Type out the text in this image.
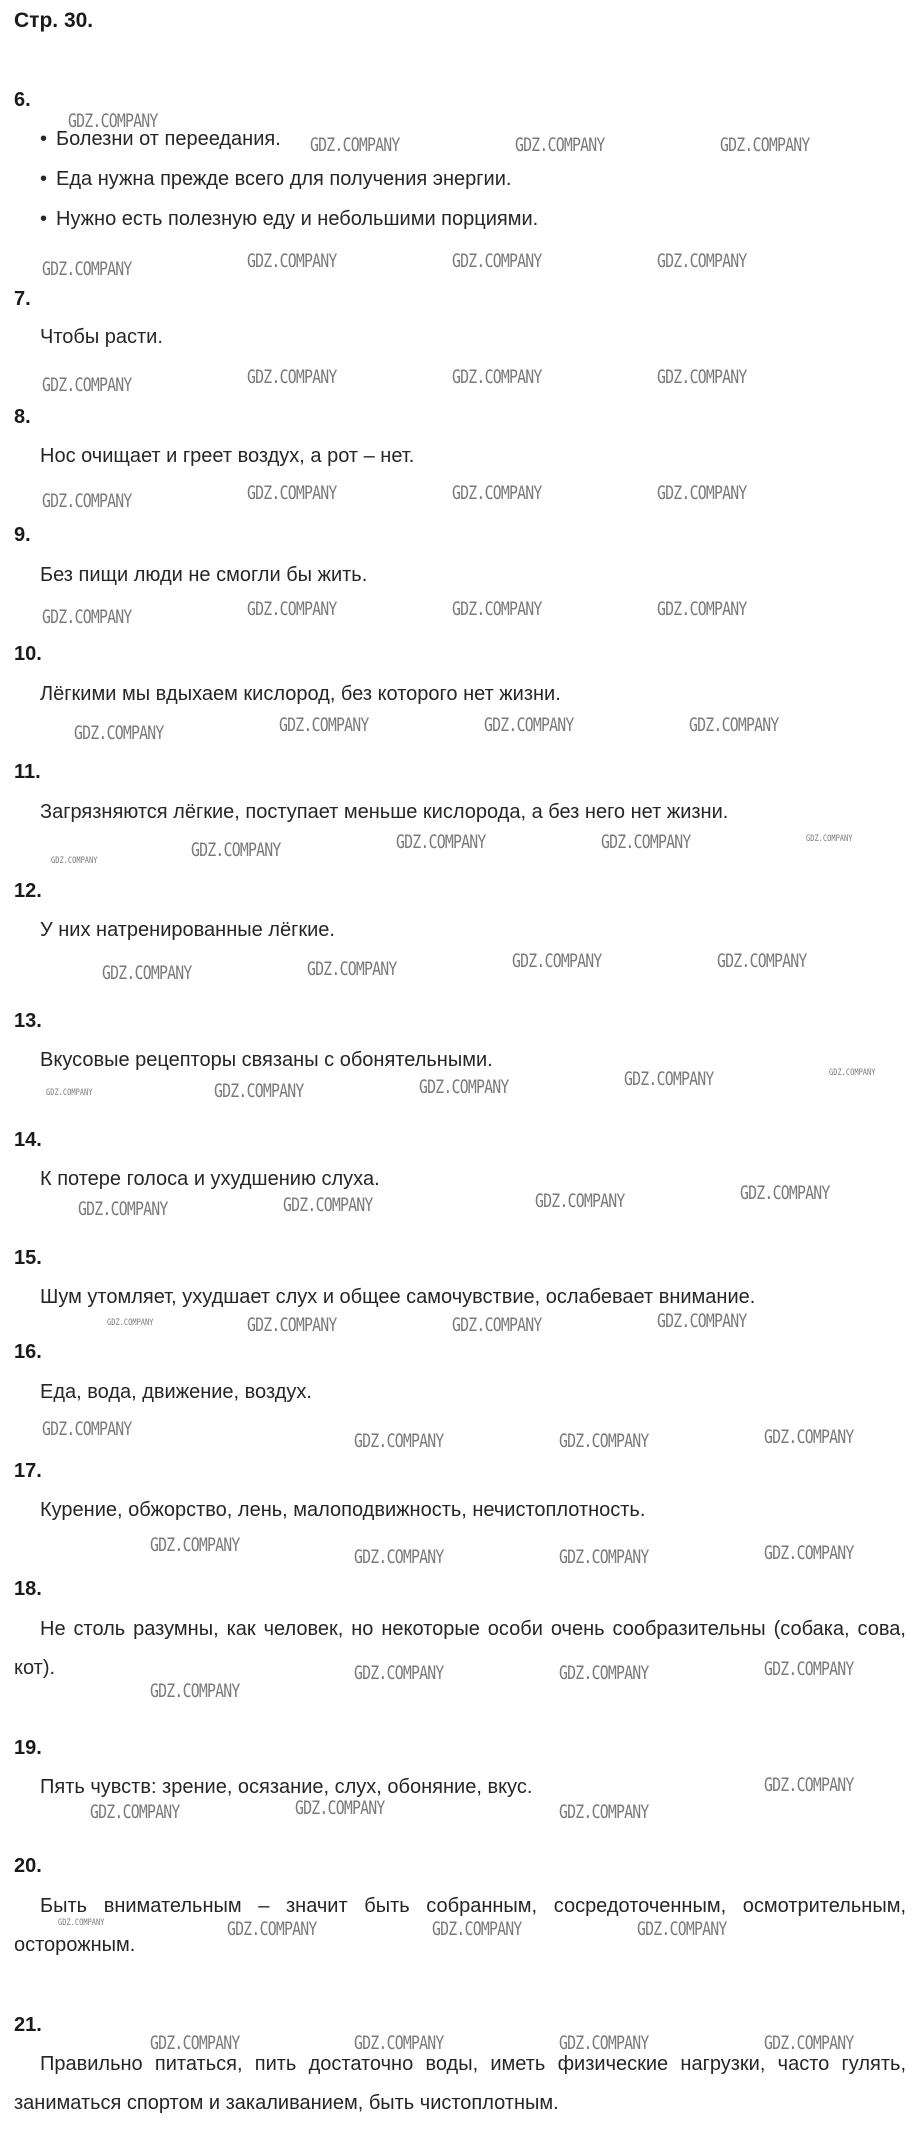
Стр. 30.
6.
• Болезни от переедания.
• Еда нужна прежде всего для получения энергии.
• Нужно есть полезную еду и небольшими порциями.
7.
Чтобы расти.
8.
Нос очищает и греет воздух, а рот – нет.
9.
Без пищи люди не смогли бы жить.
10.
Лёгкими мы вдыхаем кислород, без которого нет жизни.
11.
Загрязняются лёгкие, поступает меньше кислорода, а без него нет жизни.
12.
У них натренированные лёгкие.
13.
Вкусовые рецепторы связаны с обонятельными.
14.
К потере голоса и ухудшению слуха.
15.
Шум утомляет, ухудшает слух и общее самочувствие, ослабевает внимание.
16.
Еда, вода, движение, воздух.
17.
Курение, обжорство, лень, малоподвижность, нечистоплотность.
18.
Не столь разумны, как человек, но некоторые особи очень сообразительны (собака, сова, кот).
19.
Пять чувств: зрение, осязание, слух, обоняние, вкус.
20.
Быть внимательным – значит быть собранным, сосредоточенным, осмотрительным, осторожным.
21.
Правильно питаться, пить достаточно воды, иметь физические нагрузки, часто гулять, заниматься спортом и закаливанием, быть чистоплотным.
GDZ.COMPANY
GDZ.COMPANY	GDZ.COMPANY	GDZ.COMPANY
GDZ.COMPANY	GDZ.COMPANY	GDZ.COMPANY	GDZ.COMPANY
GDZ.COMPANY	GDZ.COMPANY	GDZ.COMPANY	GDZ.COMPANY
GDZ.COMPANY	GDZ.COMPANY	GDZ.COMPANY	GDZ.COMPANY
GDZ.COMPANY	GDZ.COMPANY	GDZ.COMPANY	GDZ.COMPANY
GDZ.COMPANY	GDZ.COMPANY	GDZ.COMPANY	GDZ.COMPANY
GDZ.COMPANY	GDZ.COMPANY	GDZ.COMPANY	GDZ.COMPANY	GDZ.COMPANY
GDZ.COMPANY	GDZ.COMPANY	GDZ.COMPANY	GDZ.COMPANY
GDZ.COMPANY	GDZ.COMPANY	GDZ.COMPANY	GDZ.COMPANY	GDZ.COMPANY
GDZ.COMPANY	GDZ.COMPANY	GDZ.COMPANY	GDZ.COMPANY
GDZ.COMPANY	GDZ.COMPANY	GDZ.COMPANY	GDZ.COMPANY
GDZ.COMPANY
GDZ.COMPANY	GDZ.COMPANY	GDZ.COMPANY
GDZ.COMPANY
GDZ.COMPANY	GDZ.COMPANY	GDZ.COMPANY
GDZ.COMPANY
GDZ.COMPANY	GDZ.COMPANY	GDZ.COMPANY
GDZ.COMPANY	GDZ.COMPANY	GDZ.COMPANY
GDZ.COMPANY
GDZ.COMPANY	GDZ.COMPANY	GDZ.COMPANY	GDZ.COMPANY
GDZ.COMPANY	GDZ.COMPANY	GDZ.COMPANY	GDZ.COMPANY
